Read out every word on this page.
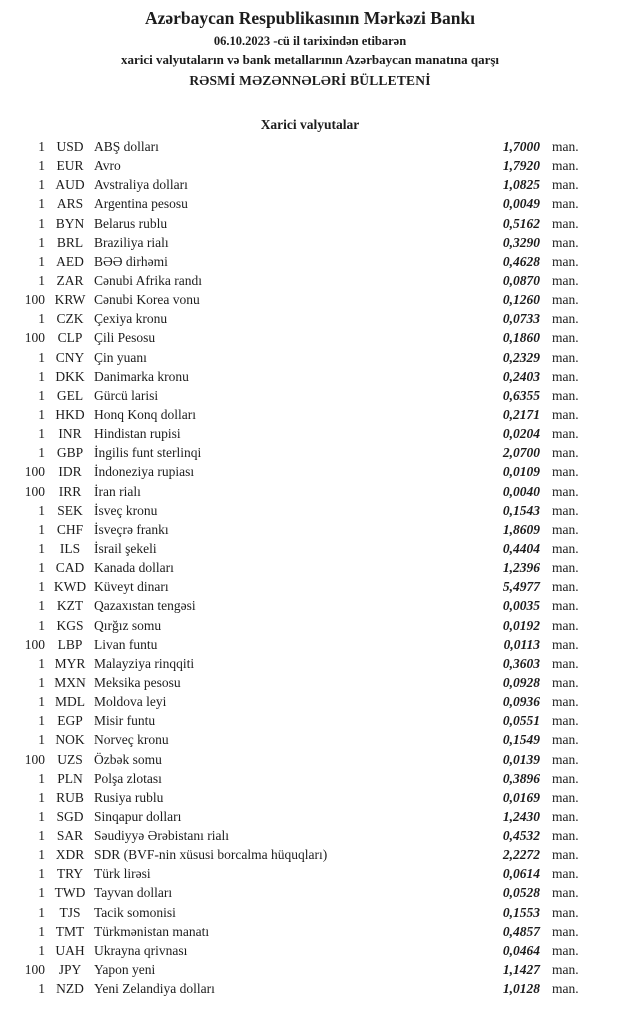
Azərbaycan Respublikasının Mərkəzi Bankı
06.10.2023 -cü il tarixindən etibarən
xarici valyutaların və bank metallarının Azərbaycan manatına qarşı
RƏSMİ MƏZƏNNƏLƏRİ BÜLLETENİ
Xarici valyutalar
1 USD ABŞ dolları	1,7000 man.
1 EUR Avro	1,7920 man.
1 AUD Avstraliya dolları	1,0825 man.
1 ARS Argentina pesosu	0,0049 man.
1 BYN Belarus rublu	0,5162 man.
1 BRL Braziliya rialı	0,3290 man.
1 AED BƏƏ dirhəmi	0,4628 man.
1 ZAR Cənubi Afrika randı	0,0870 man.
100 KRW Cənubi Korea vonu	0,1260 man.
1 CZK Çexiya kronu	0,0733 man.
100 CLP Çili Pesosu	0,1860 man.
1 CNY Çin yuanı	0,2329 man.
1 DKK Danimarka kronu	0,2403 man.
1 GEL Gürcü larisi	0,6355 man.
1 HKD Honq Konq dolları	0,2171 man.
1 INR Hindistan rupisi	0,0204 man.
1 GBP İngilis funt sterlinqi	2,0700 man.
100 IDR İndoneziya rupiası	0,0109 man.
100	IRR İran rialı	0,0040 man.
1 SEK İsveç kronu	0,1543 man.
1 CHF İsveçrə frankı	1,8609 man.
1	ILS	İsrail şekeli	0,4404 man.
1 CAD Kanada dolları	1,2396 man.
1 KWD Küveyt dinarı	5,4977 man.
1 KZT Qazaxıstan tengəsi	0,0035 man.
1 KGS Qırğız somu	0,0192 man.
100 LBP Livan funtu	0,0113 man.
1 MYR Malayziya rinqqiti	0,3603 man.
1 MXN Meksika pesosu	0,0928 man.
1 MDL Moldova leyi	0,0936 man.
1 EGP Misir funtu	0,0551 man.
1 NOK Norveç kronu	0,1549 man.
100 UZS Özbək somu	0,0139 man.
1 PLN Polşa zlotası	0,3896 man.
1 RUB Rusiya rublu	0,0169 man.
1 SGD Sinqapur dolları	1,2430 man.
1 SAR Səudiyyə Ərəbistanı rialı	0,4532 man.
1 XDR SDR (BVF-nin xüsusi borcalma hüquqları)	2,2272 man.
1 TRY Türk lirəsi	0,0614 man.
1 TWD Tayvan dolları	0,0528 man.
1	TJS	Tacik somonisi	0,1553 man.
1 TMT Türkmənistan manatı	0,4857 man.
1 UAH Ukrayna qrivnası	0,0464 man.
100	JPY Yapon yeni	1,1427 man.
1 NZD Yeni Zelandiya dolları	1,0128 man.
